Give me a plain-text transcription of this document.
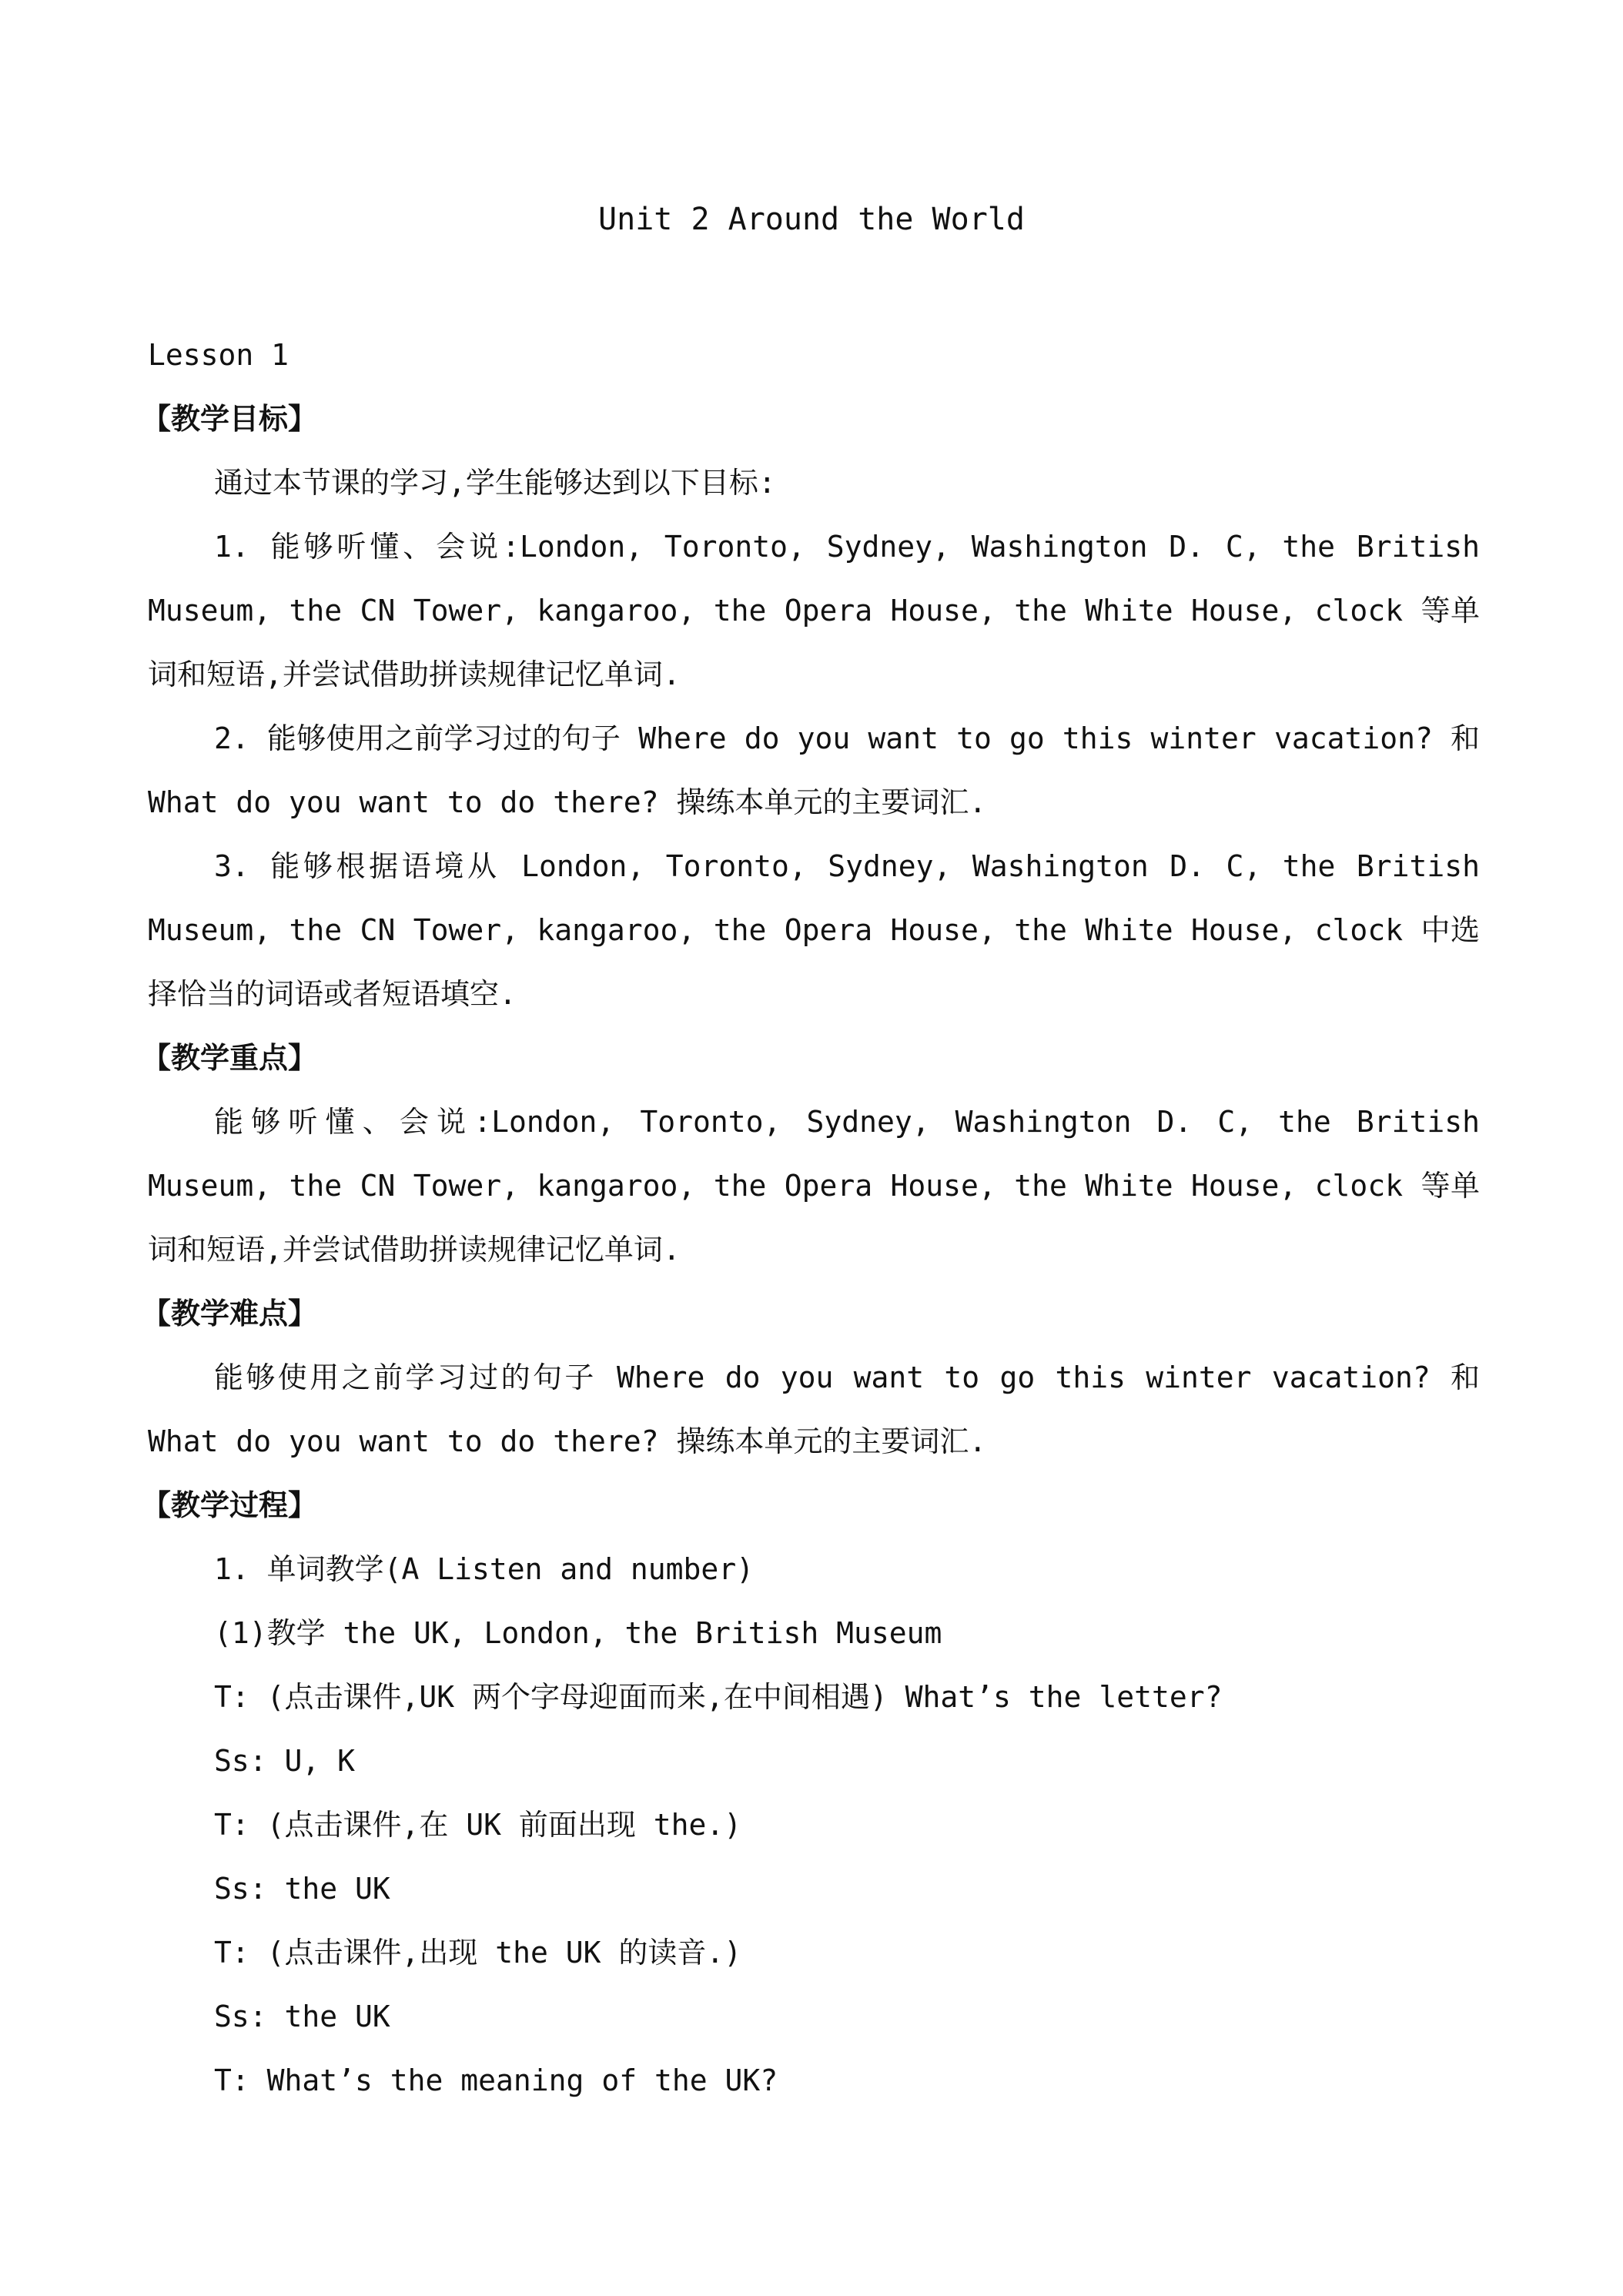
Unit 2 Around the World
Lesson 1
【教学目标】
通过本节课的学习,学生能够达到以下目标:
1. 能够听懂、会说:London, Toronto, Sydney, Washington D. C, the British Museum, the CN Tower, kangaroo, the Opera House, the White House, clock 等单词和短语,并尝试借助拼读规律记忆单词.
2. 能够使用之前学习过的句子 Where do you want to go this winter vacation? 和 What do you want to do there? 操练本单元的主要词汇.
3. 能够根据语境从 London, Toronto, Sydney, Washington D. C, the British Museum, the CN Tower, kangaroo, the Opera House, the White House, clock 中选择恰当的词语或者短语填空.
【教学重点】
能够听懂、会说:London, Toronto, Sydney, Washington D. C, the British Museum, the CN Tower, kangaroo, the Opera House, the White House, clock 等单词和短语,并尝试借助拼读规律记忆单词.
【教学难点】
能够使用之前学习过的句子 Where do you want to go this winter vacation? 和 What do you want to do there? 操练本单元的主要词汇.
【教学过程】
1. 单词教学(A Listen and number)
(1)教学 the UK, London, the British Museum
T: (点击课件,UK 两个字母迎面而来,在中间相遇) What’s the letter?
Ss: U, K
T: (点击课件,在 UK 前面出现 the.)
Ss: the UK
T: (点击课件,出现 the UK 的读音.)
Ss: the UK
T: What’s the meaning of the UK?
